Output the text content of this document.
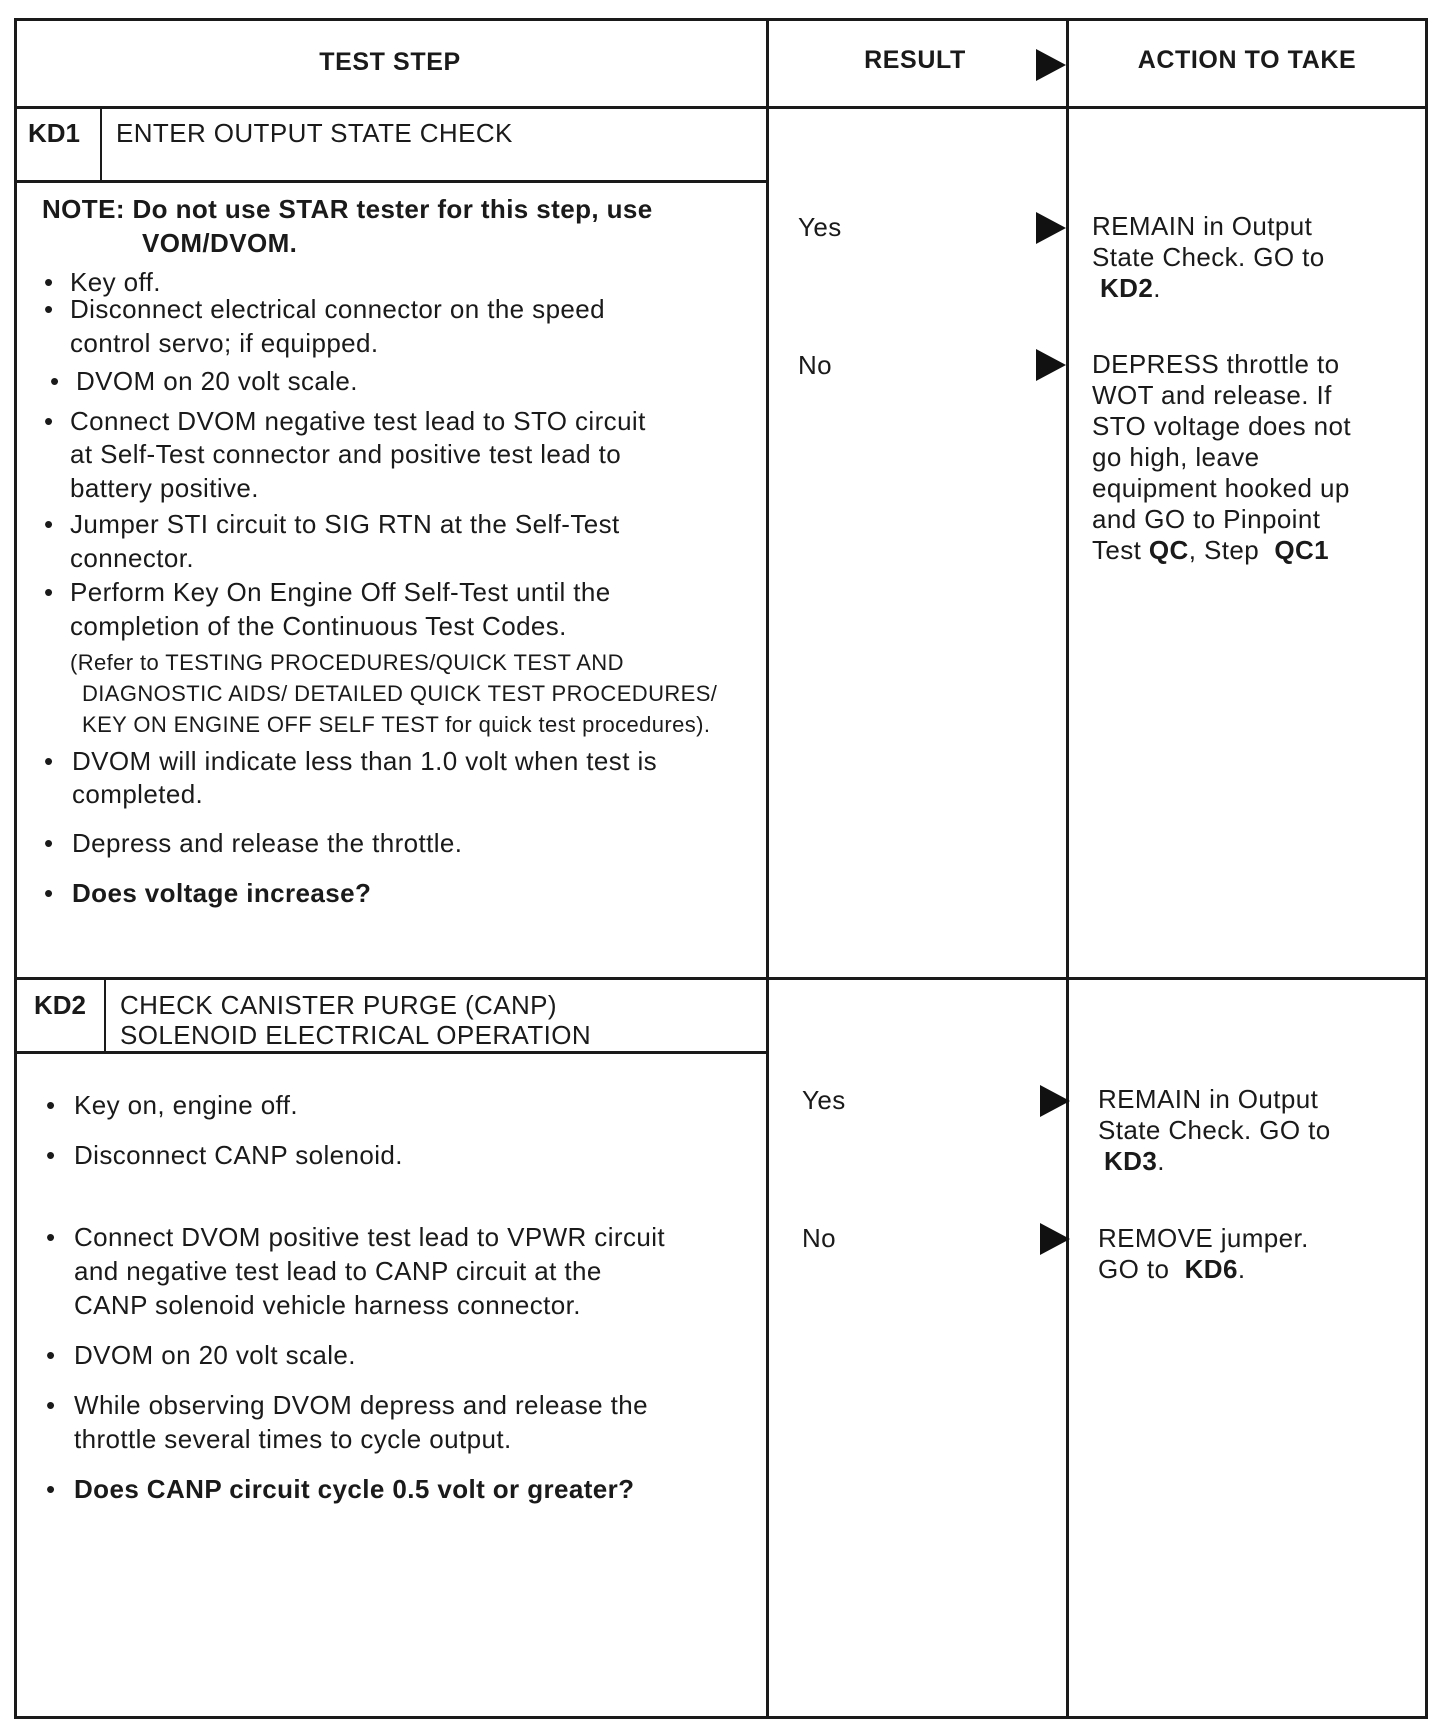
TEST STEP	RESULT	ACTION TO TAKE
KD1 ENTER OUTPUT STATE CHECK
NOTE: Do not use STAR tester for this step, use
VOM/DVOM.
• Key off.
• Disconnect electrical connector on the speed
control servo; if equipped.
• DVOM on 20 volt scale.
• Connect DVOM negative test lead to STO circuit
at Self-Test connector and positive test lead to
battery positive.
• Jumper STI circuit to SIG RTN at the Self-Test
connector.
• Perform Key On Engine Off Self-Test until the
completion of the Continuous Test Codes.
(Refer to TESTING PROCEDURES/QUICK TEST AND
DIAGNOSTIC AIDS/ DETAILED QUICK TEST PROCEDURES/
KEY ON ENGINE OFF SELF TEST for quick test procedures).
• DVOM will indicate less than 1.0 volt when test is
completed.
• Depress and release the throttle.
• Does voltage increase?
Yes	REMAIN in Output
State Check. GO to
KD2.
No	DEPRESS throttle to
WOT and release. If
STO voltage does not
go high, leave
equipment hooked up
and GO to Pinpoint
Test QC, Step  QC1
KD2 CHECK CANISTER PURGE (CANP)
SOLENOID ELECTRICAL OPERATION
• Key on, engine off.
• Disconnect CANP solenoid.
• Connect DVOM positive test lead to VPWR circuit
and negative test lead to CANP circuit at the
CANP solenoid vehicle harness connector.
• DVOM on 20 volt scale.
• While observing DVOM depress and release the
throttle several times to cycle output.
• Does CANP circuit cycle 0.5 volt or greater?
Yes	REMAIN in Output
State Check. GO to
KD3.
No	REMOVE jumper.
GO to  KD6.
